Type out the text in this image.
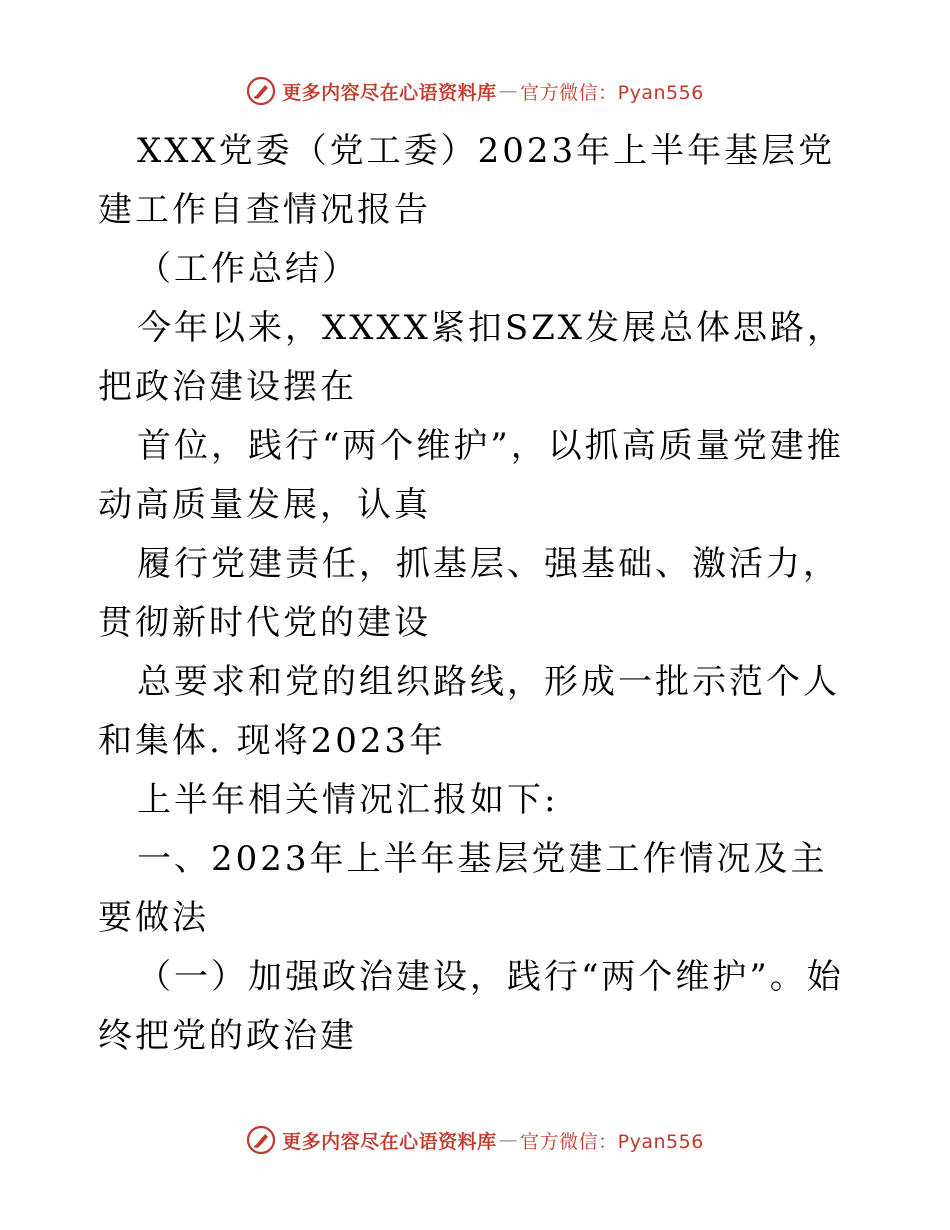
更多内容尽在心语资料库 — 官方微信：Pyan556
XXX党委（党工委）2023年上半年基层党建工作自查情况报告
（工作总结）
今年以来，XXXX紧扣SZX发展总体思路，把政治建设摆在
首位，践行“两个维护”，以抓高质量党建推动高质量发展，认真
履行党建责任，抓基层、强基础、激活力，贯彻新时代党的建设
总要求和党的组织路线，形成一批示范个人和集体. 现将2023年
上半年相关情况汇报如下:
一、2023年上半年基层党建工作情况及主要做法
（一）加强政治建设，践行“两个维护”。始终把党的政治建
更多内容尽在心语资料库 — 官方微信：Pyan556
